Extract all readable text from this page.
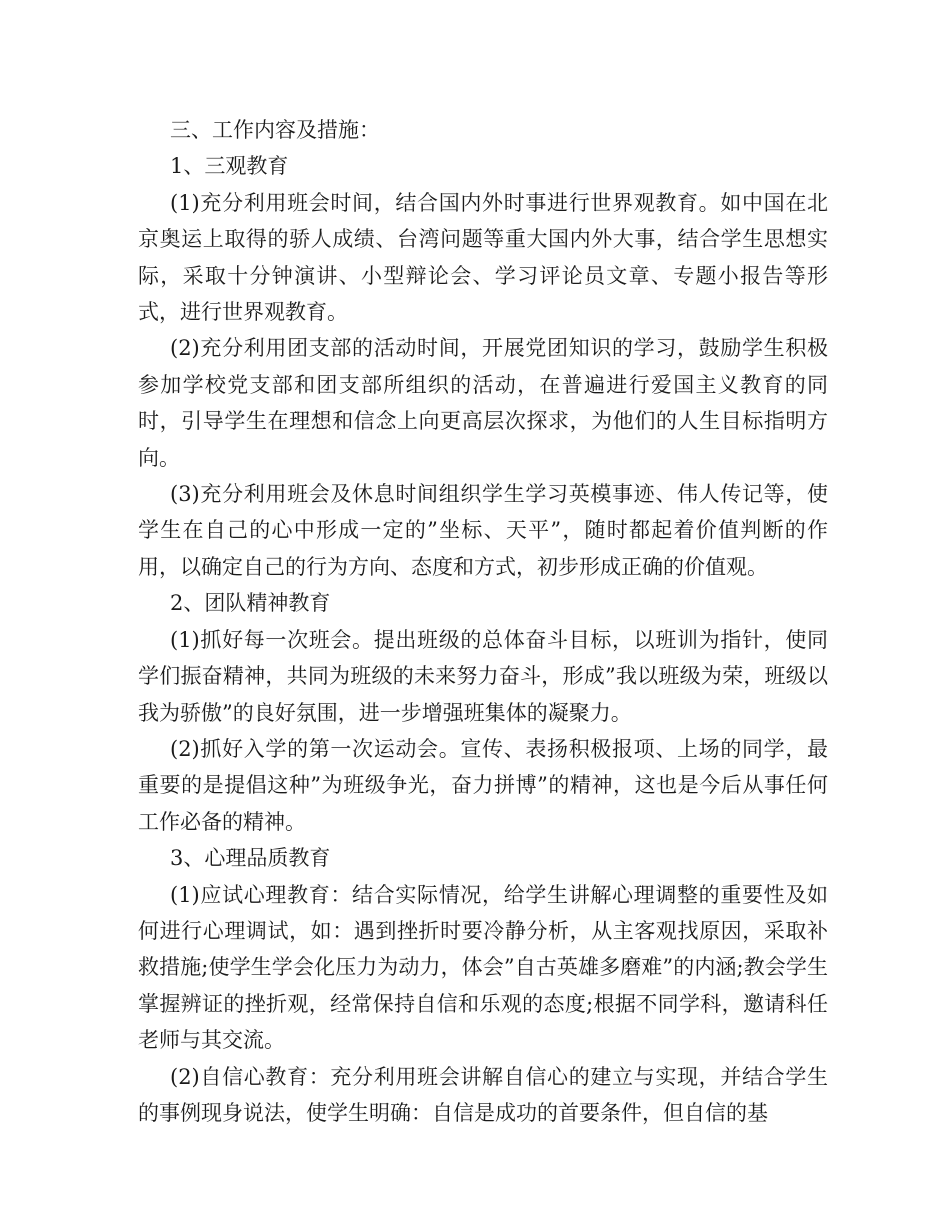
三、工作内容及措施：

1、三观教育

(1)充分利用班会时间，结合国内外时事进行世界观教育。如中国在北京奥运上取得的骄人成绩、台湾问题等重大国内外大事，结合学生思想实际，采取十分钟演讲、小型辩论会、学习评论员文章、专题小报告等形式，进行世界观教育。

(2)充分利用团支部的活动时间，开展党团知识的学习，鼓励学生积极参加学校党支部和团支部所组织的活动，在普遍进行爱国主义教育的同时，引导学生在理想和信念上向更高层次探求，为他们的人生目标指明方向。

(3)充分利用班会及休息时间组织学生学习英模事迹、伟人传记等，使学生在自己的心中形成一定的”坐标、天平”，随时都起着价值判断的作用，以确定自己的行为方向、态度和方式，初步形成正确的价值观。

2、团队精神教育

(1)抓好每一次班会。提出班级的总体奋斗目标，以班训为指针，使同学们振奋精神，共同为班级的未来努力奋斗，形成”我以班级为荣，班级以我为骄傲”的良好氛围，进一步增强班集体的凝聚力。

(2)抓好入学的第一次运动会。宣传、表扬积极报项、上场的同学，最重要的是提倡这种”为班级争光，奋力拼博”的精神，这也是今后从事任何工作必备的精神。

3、心理品质教育

(1)应试心理教育：结合实际情况，给学生讲解心理调整的重要性及如何进行心理调试，如：遇到挫折时要冷静分析，从主客观找原因，采取补救措施;使学生学会化压力为动力，体会”自古英雄多磨难”的内涵;教会学生掌握辨证的挫折观，经常保持自信和乐观的态度;根据不同学科，邀请科任老师与其交流。

(2)自信心教育：充分利用班会讲解自信心的建立与实现，并结合学生的事例现身说法，使学生明确：自信是成功的首要条件，但自信的基
